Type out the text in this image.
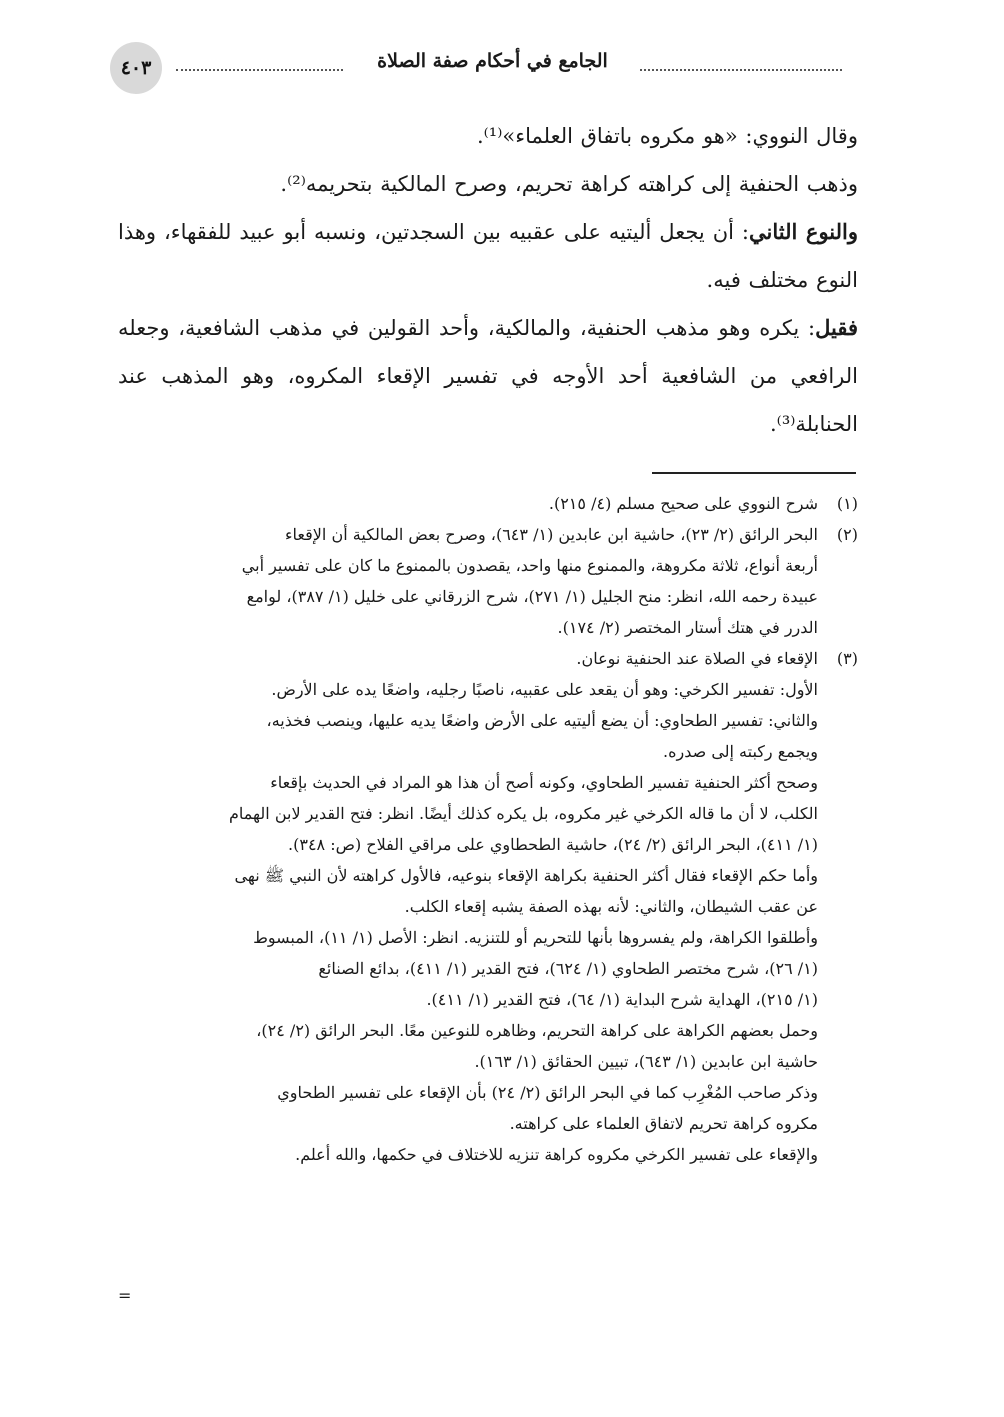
٤٠٣	الجامع في أحكام صفة الصلاة

وقال النووي: «هو مكروه باتفاق العلماء»⁽¹⁾.

وذهب الحنفية إلى كراهته كراهة تحريم، وصرح المالكية بتحريمه⁽²⁾.

والنوع الثاني: أن يجعل أليتيه على عقبيه بين السجدتين، ونسبه أبو عبيد للفقهاء، وهذا النوع مختلف فيه.

فقيل: يكره وهو مذهب الحنفية، والمالكية، وأحد القولين في مذهب الشافعية، وجعله الرافعي من الشافعية أحد الأوجه في تفسير الإقعاء المكروه، وهو المذهب عند الحنابلة⁽³⁾.

(١)
شرح النووي على صحيح مسلم (٤/ ٢١٥).
(٢)
البحر الرائق (٢/ ٢٣)، حاشية ابن عابدين (١/ ٦٤٣)، وصرح بعض المالكية أن الإقعاء
أربعة أنواع، ثلاثة مكروهة، والممنوع منها واحد، يقصدون بالممنوع ما كان على تفسير أبي
عبيدة رحمه الله، انظر: منح الجليل (١/ ٢٧١)، شرح الزرقاني على خليل (١/ ٣٨٧)، لوامع
الدرر في هتك أستار المختصر (٢/ ١٧٤).
(٣)
الإقعاء في الصلاة عند الحنفية نوعان.
الأول: تفسير الكرخي: وهو أن يقعد على عقبيه، ناصبًا رجليه، واضعًا يده على الأرض.
والثاني: تفسير الطحاوي: أن يضع أليتيه على الأرض واضعًا يديه عليها، وينصب فخذيه،
ويجمع ركبته إلى صدره.
وصحح أكثر الحنفية تفسير الطحاوي، وكونه أصح أن هذا هو المراد في الحديث بإقعاء
الكلب، لا أن ما قاله الكرخي غير مكروه، بل يكره كذلك أيضًا. انظر: فتح القدير لابن الهمام
(١/ ٤١١)، البحر الرائق (٢/ ٢٤)، حاشية الطحطاوي على مراقي الفلاح (ص: ٣٤٨).
وأما حكم الإقعاء فقال أكثر الحنفية بكراهة الإقعاء بنوعيه، فالأول كراهته لأن النبي ﷺ نهى
عن عقب الشيطان، والثاني: لأنه بهذه الصفة يشبه إقعاء الكلب.
وأطلقوا الكراهة، ولم يفسروها بأنها للتحريم أو للتنزيه. انظر: الأصل (١/ ١١)، المبسوط
(١/ ٢٦)، شرح مختصر الطحاوي (١/ ٦٢٤)، فتح القدير (١/ ٤١١)، بدائع الصنائع
(١/ ٢١٥)، الهداية شرح البداية (١/ ٦٤)، فتح القدير (١/ ٤١١).
وحمل بعضهم الكراهة على كراهة التحريم، وظاهره للنوعين معًا. البحر الرائق (٢/ ٢٤)،
حاشية ابن عابدين (١/ ٦٤٣)، تبيين الحقائق (١/ ١٦٣).
وذكر صاحب المُغْرِب كما في البحر الرائق (٢/ ٢٤) بأن الإقعاء على تفسير الطحاوي
مكروه كراهة تحريم لاتفاق العلماء على كراهته.
والإقعاء على تفسير الكرخي مكروه كراهة تنزيه للاختلاف في حكمها، والله أعلم.
=
